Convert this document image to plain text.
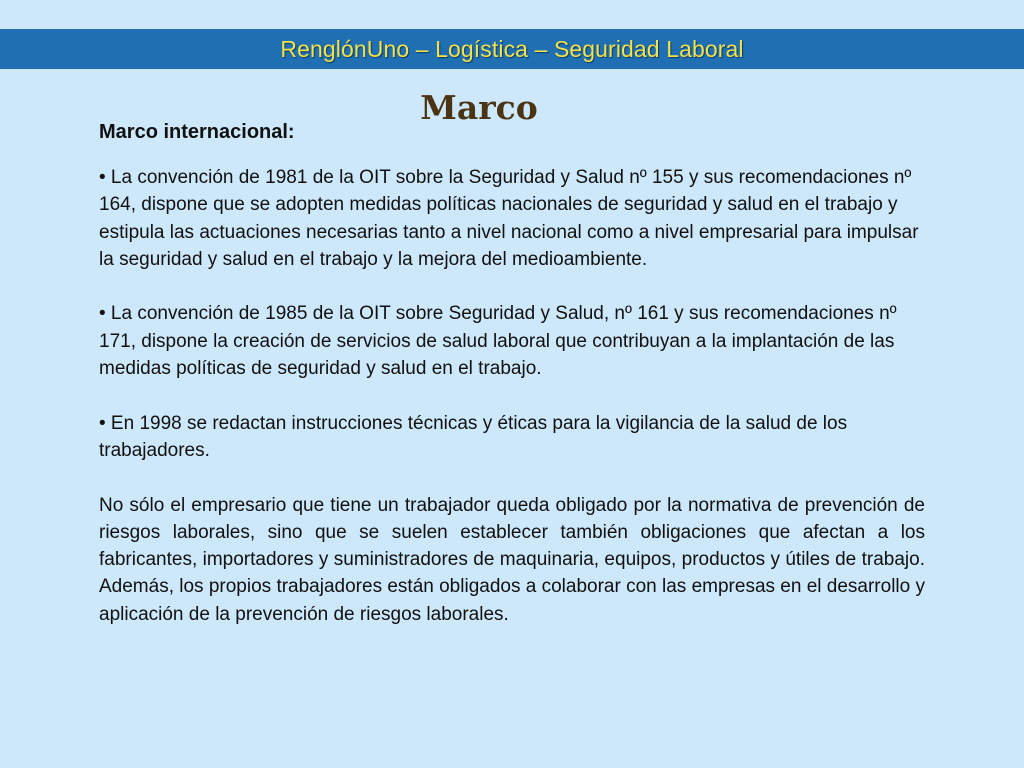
RenglónUno – Logística – Seguridad Laboral
Marco
Marco internacional:

• La convención de 1981 de la OIT sobre la Seguridad y Salud nº 155 y sus recomendaciones nº 164, dispone que se adopten medidas políticas nacionales de seguridad y salud en el trabajo y estipula las actuaciones necesarias tanto a nivel nacional como a nivel empresarial para impulsar la seguridad y salud en el trabajo y la mejora del medioambiente.

• La convención de 1985 de la OIT sobre Seguridad y Salud, nº 161 y sus recomendaciones nº 171, dispone la creación de servicios de salud laboral que contribuyan a la implantación de las medidas políticas de seguridad y salud en el trabajo.

• En 1998 se redactan instrucciones técnicas y éticas para la vigilancia de la salud de los trabajadores.

No sólo el empresario que tiene un trabajador queda obligado por la normativa de prevención de riesgos laborales, sino que se suelen establecer también obligaciones que afectan a los fabricantes, importadores y suministradores de maquinaria, equipos, productos y útiles de trabajo. Además, los propios trabajadores están obligados a colaborar con las empresas en el desarrollo y aplicación de la prevención de riesgos laborales.
